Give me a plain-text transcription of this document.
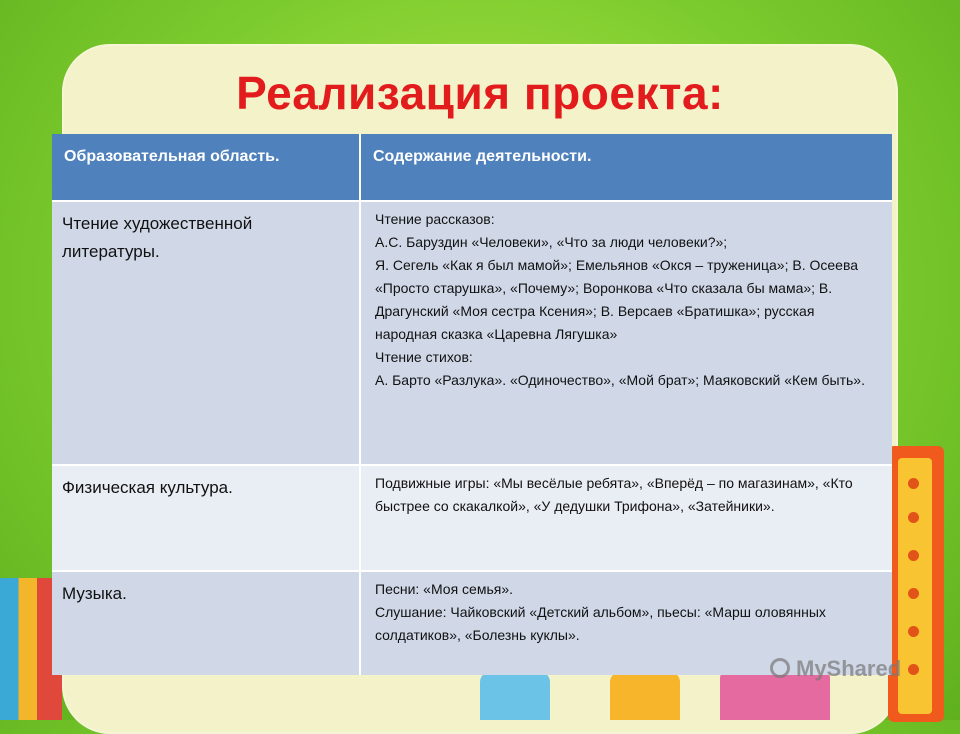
Реализация проекта:
Образовательная область.	Содержание деятельности.
Чтение художественной литературы.	Чтение рассказов:
А.С. Баруздин «Человеки», «Что за люди человеки?»;
Я. Сегель «Как я был мамой»; Емельянов «Окся – труженица»; В. Осеева «Просто старушка», «Почему»; Воронкова «Что сказала бы мама»; В. Драгунский «Моя сестра Ксения»; В. Версаев «Братишка»; русская народная сказка «Царевна Лягушка»
Чтение стихов:
А. Барто «Разлука». «Одиночество», «Мой брат»; Маяковский «Кем быть».

Физическая культура.	Подвижные игры: «Мы весёлые ребята», «Вперёд – по магазинам», «Кто быстрее со скакалкой», «У дедушки Трифона», «Затейники».

Музыка.	Песни: «Моя семья».
Слушание: Чайковский «Детский альбом», пьесы: «Марш оловянных солдатиков», «Болезнь куклы».
MyShared
